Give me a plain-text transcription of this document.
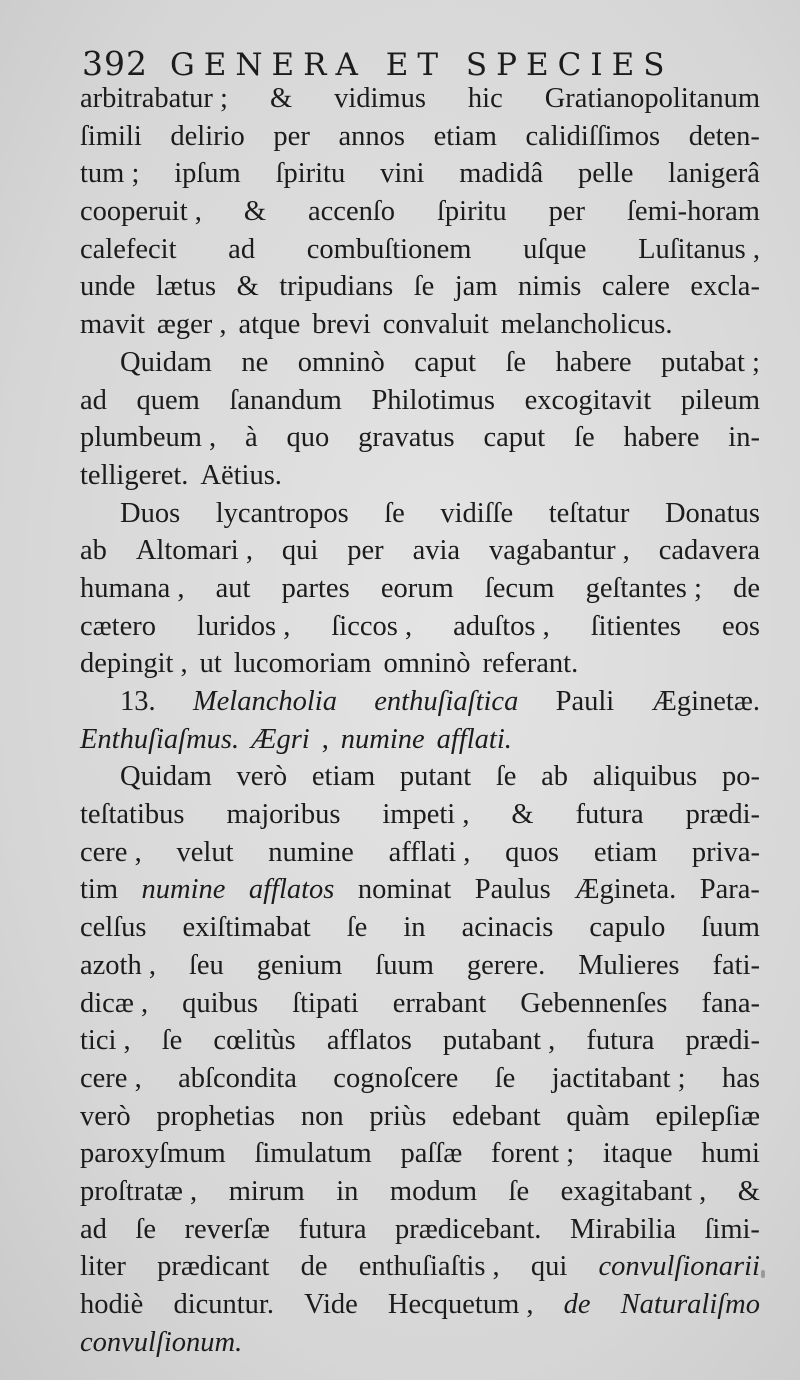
392 GENERA ET SPECIES
arbitrabatur ; & vidimus hic Gratianopolitanum
ſimili delirio per annos etiam calidiſſimos deten-
tum ; ipſum ſpiritu vini madidâ pelle lanigerâ
cooperuit , & accenſo ſpiritu per ſemi-horam
calefecit ad combuſtionem uſque Luſitanus ,
unde lætus & tripudians ſe jam nimis calere excla-
mavit æger , atque brevi convaluit melancholicus.
Quidam ne omninò caput ſe habere putabat ;
ad quem ſanandum Philotimus excogitavit pileum
plumbeum , à quo gravatus caput ſe habere in-
telligeret. Aëtius.
Duos lycantropos ſe vidiſſe teſtatur Donatus
ab Altomari , qui per avia vagabantur , cadavera
humana , aut partes eorum ſecum geſtantes ; de
cætero luridos , ſiccos , aduſtos , ſitientes eos
depingit , ut lucomoriam omninò referant.
13. Melancholia enthuſiaſtica Pauli Æginetæ.
Enthuſiaſmus. Ægri , numine afflati.
Quidam verò etiam putant ſe ab aliquibus po-
teſtatibus majoribus impeti , & futura prædi-
cere , velut numine afflati , quos etiam priva-
tim numine afflatos nominat Paulus Ægineta. Para-
celſus exiſtimabat ſe in acinacis capulo ſuum
azoth , ſeu genium ſuum gerere. Mulieres fati-
dicæ , quibus ſtipati errabant Gebennenſes fana-
tici , ſe cœlitùs afflatos putabant , futura prædi-
cere , abſcondita cognoſcere ſe jactitabant ; has
verò prophetias non priùs edebant quàm epilepſiæ
paroxyſmum ſimulatum paſſæ forent ; itaque humi
proſtratæ , mirum in modum ſe exagitabant , &
ad ſe reverſæ futura prædicebant. Mirabilia ſimi-
liter prædicant de enthuſiaſtis , qui convulſionarii
hodiè dicuntur. Vide Hecquetum , de Naturaliſmo
convulſionum.
